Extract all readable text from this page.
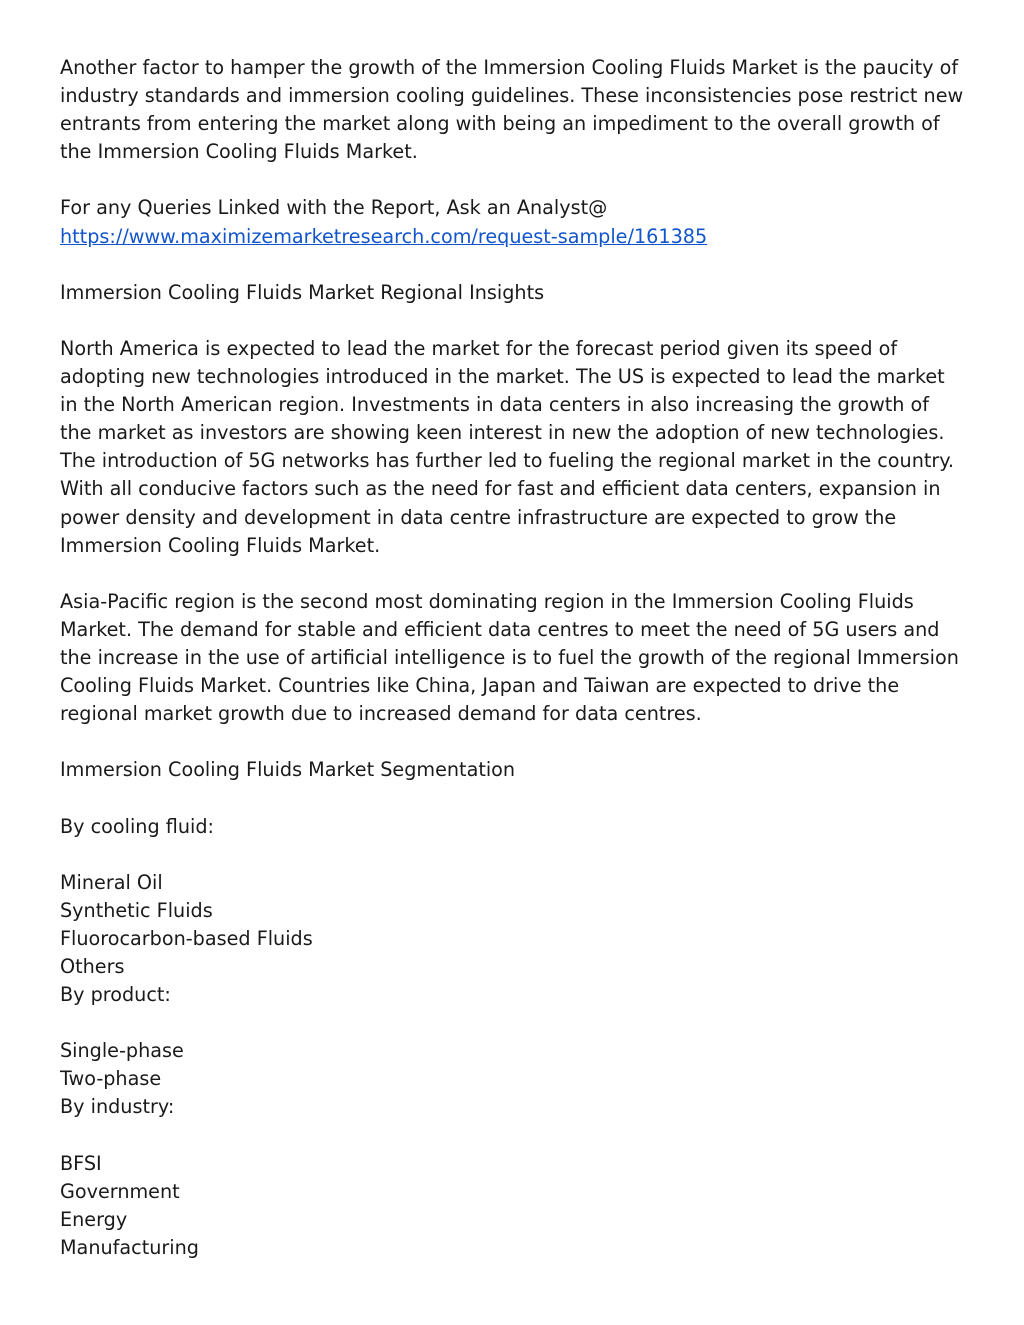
Another factor to hamper the growth of the Immersion Cooling Fluids Market is the paucity of industry standards and immersion cooling guidelines. These inconsistencies pose restrict new entrants from entering the market along with being an impediment to the overall growth of the Immersion Cooling Fluids Market.

For any Queries Linked with the Report, Ask an Analyst@

https://www.maximizemarketresearch.com/request-sample/161385

Immersion Cooling Fluids Market Regional Insights

North America is expected to lead the market for the forecast period given its speed of adopting new technologies introduced in the market. The US is expected to lead the market in the North American region. Investments in data centers in also increasing the growth of the market as investors are showing keen interest in new the adoption of new technologies. The introduction of 5G networks has further led to fueling the regional market in the country. With all conducive factors such as the need for fast and efficient data centers, expansion in power density and development in data centre infrastructure are expected to grow the Immersion Cooling Fluids Market.

Asia-Pacific region is the second most dominating region in the Immersion Cooling Fluids Market. The demand for stable and efficient data centres to meet the need of 5G users and the increase in the use of artificial intelligence is to fuel the growth of the regional Immersion Cooling Fluids Market. Countries like China, Japan and Taiwan are expected to drive the regional market growth due to increased demand for data centres.

Immersion Cooling Fluids Market Segmentation

By cooling fluid:

Mineral Oil
Synthetic Fluids
Fluorocarbon-based Fluids
Others
By product:
Single-phase
Two-phase
By industry:
BFSI
Government
Energy
Manufacturing
